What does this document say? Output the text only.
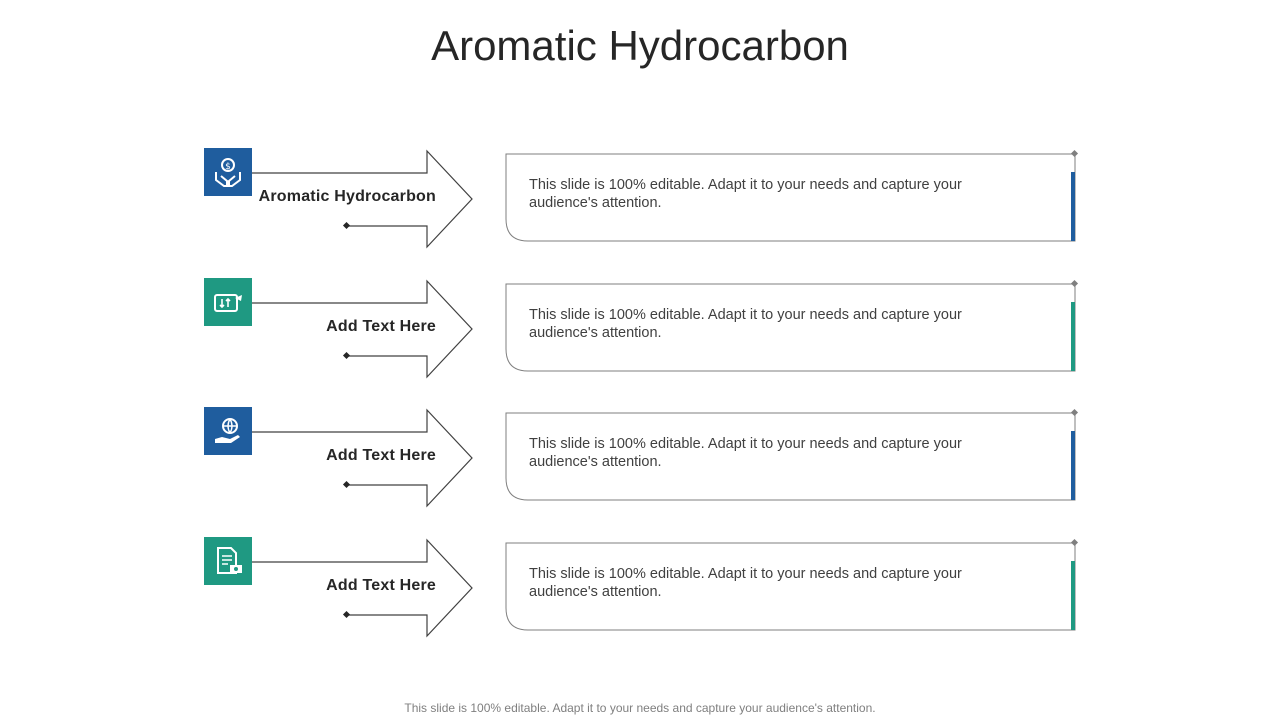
Aromatic Hydrocarbon
$
Aromatic Hydrocarbon
This slide is 100% editable. Adapt it to your needs and capture your audience's attention.
Add Text Here
This slide is 100% editable. Adapt it to your needs and capture your audience's attention.
Add Text Here
This slide is 100% editable. Adapt it to your needs and capture your audience's attention.
Add Text Here
This slide is 100% editable. Adapt it to your needs and capture your audience's attention.
This slide is 100% editable. Adapt it to your needs and capture your audience's attention.
